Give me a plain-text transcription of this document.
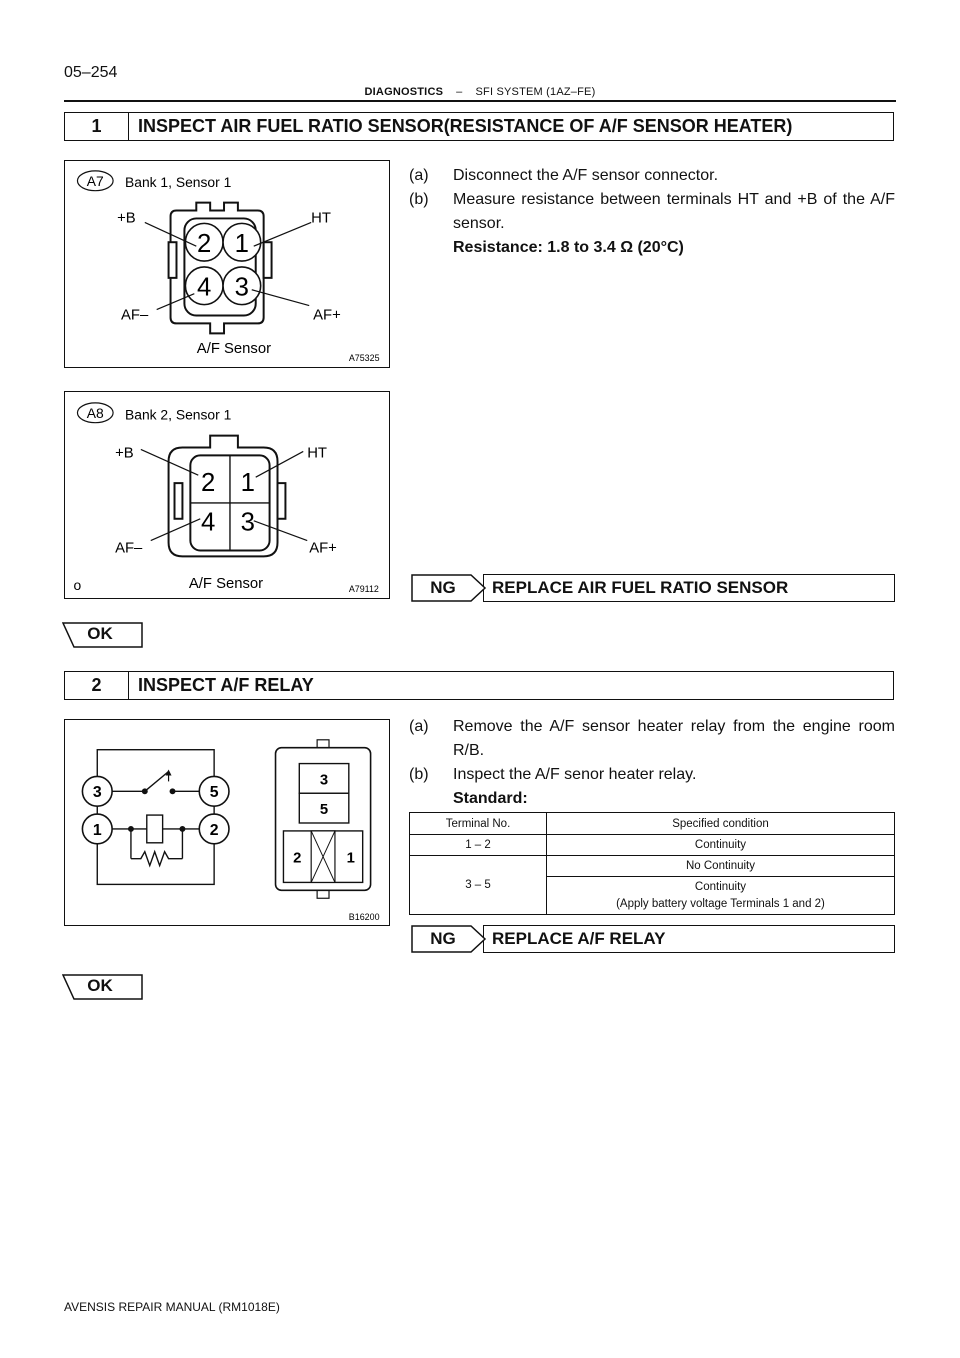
05–254
DIAGNOSTICS – SFI SYSTEM (1AZ–FE)
1	INSPECT AIR FUEL RATIO SENSOR(RESISTANCE OF A/F SENSOR HEATER)
A7 Bank 1, Sensor 1
2 1
4 3
+B	HT
AF–	AF+
A/F Sensor
A75325
A8 Bank 2, Sensor 1
2 1
4 3
+B	HT
AF–	AF+
o	A/F Sensor	A79112
(a)	Disconnect the A/F sensor connector.
(b)	Measure resistance between terminals HT and +B of the A/F sensor.
Resistance: 1.8 to 3.4 Ω (20°C)
NG	REPLACE AIR FUEL RATIO SENSOR
OK
2	INSPECT A/F RELAY
3	5
1	2
3
5
2	1
B16200
(a)	Remove the A/F sensor heater relay from the engine room R/B.
(b)	Inspect the A/F senor heater relay.
Standard:
Terminal No.	Specified condition
1 – 2	Continuity
3 – 5	No Continuity

	Continuity
(Apply battery voltage Terminals 1 and 2)
NG	REPLACE A/F RELAY
OK
AVENSIS REPAIR MANUAL (RM1018E)
